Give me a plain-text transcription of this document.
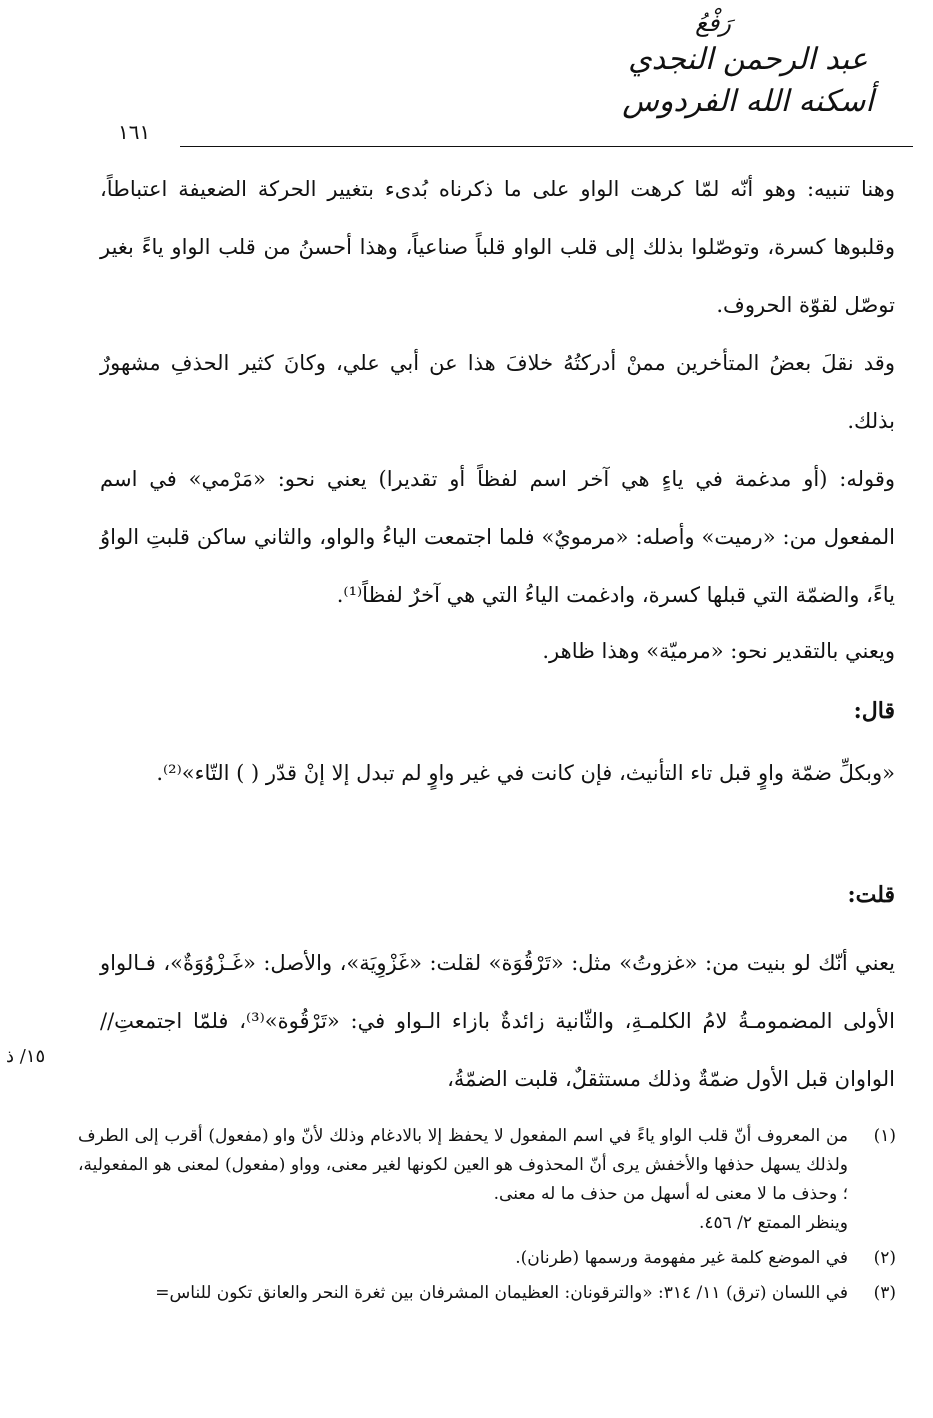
رَفْعُ
عبد الرحمن النجدي
أسكنه الله الفردوس
١٦١

وهنا تنبيه: وهو أنّه لمّا كرهت الواو على ما ذكرناه بُدىء بتغيير الحركة الضعيفة اعتباطاً، وقلبوها كسرة، وتوصّلوا بذلك إلى قلب الواو قلباً صناعياً، وهذا أحسنُ من قلب الواو ياءً بغير توصّل لقوّة الحروف.

وقد نقلَ بعضُ المتأخرين ممنْ أدركتُهُ خلافَ هذا عن أبي علي، وكانَ كثير الحذفِ مشهورٌ بذلك.

وقوله: (أو مدغمة في ياءٍ هي آخر اسم لفظاً أو تقديرا) يعني نحو: «مَرْمي» في اسم المفعول من: «رميت» وأصله: «مرمويٌ» فلما اجتمعت الياءُ والواو، والثاني ساكن قلبتِ الواوُ ياءً، والضمّة التي قبلها كسرة، وادغمت الياءُ التي هي آخرٌ لفظاً⁽¹⁾.

ويعني بالتقدير نحو: «مرميّة» وهذا ظاهر.

قال:

«وبكلِّ ضمّة واوٍ قبل تاء التأنيث، فإن كانت في غير واوٍ لم تبدل إلا إنْ قدّر ( ) التّاء»⁽²⁾.

قلت:

يعني أنّك لو بنيت من: «غزوتُ» مثل: «تَرْقُوَة» لقلت: «غَزْوِيَة»، والأصل: «غَـزْوُوَةٌ»، فـالواو الأولى المضمومـةُ لامُ الكلمـةِ، والثّانية زائدةٌ بازاء الـواو في: «تَرْقُوة»⁽³⁾، فلمّا اجتمعتِ// الواوان قبل الأول ضمّةٌ وذلك مستثقلٌ، قلبت الضمّةُ،

١٥/ ﺫ
(١)
من المعروف أنّ قلب الواو ياءً في اسم المفعول لا يحفظ إلا بالادغام وذلك لأنّ واو (مفعول) أقرب إلى الطرف ولذلك يسهل حذفها والأخفش يرى أنّ المحذوف هو العين لكونها لغير معنى، وواو (مفعول) لمعنى هو المفعولية، ؛ وحذف ما لا معنى له أسهل من حذف ما له معنى.
وينظر الممتع ٢/ ٤٥٦.
(٢)
في الموضع كلمة غير مفهومة ورسمها (طرنان).
(٣)
في اللسان (ترق) ١١/ ٣١٤: «والترقونان: العظيمان المشرفان بين ثغرة النحر والعانق تكون للناس=
